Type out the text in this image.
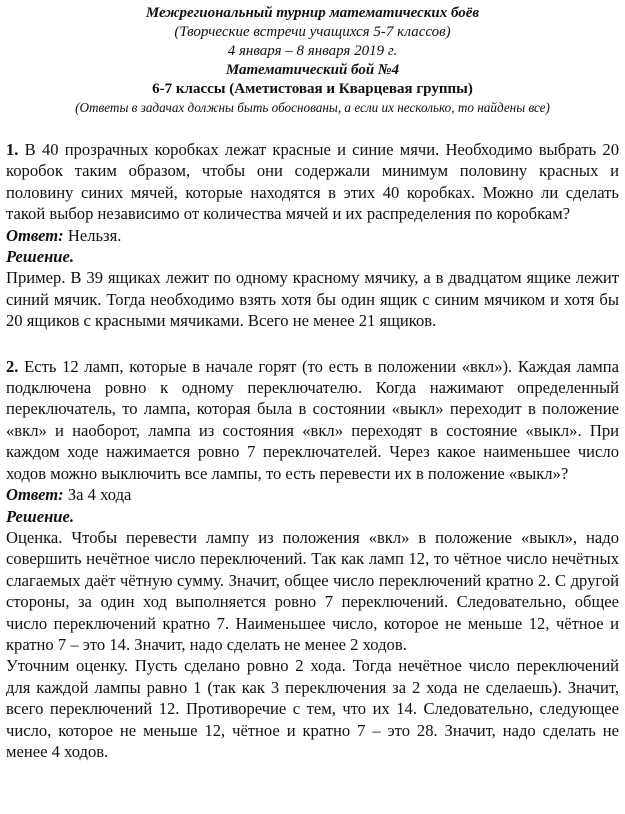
Межрегиональный турнир математических боёв
(Творческие встречи учащихся 5-7 классов)
4 января – 8 января 2019 г.
Математический бой №4
6-7 классы (Аметистовая и Кварцевая группы)
(Ответы в задачах должны быть обоснованы, а если их несколько, то найдены все)

1. В 40 прозрачных коробках лежат красные и синие мячи. Необходимо выбрать 20 коробок таким образом, чтобы они содержали минимум половину красных и половину синих мячей, которые находятся в этих 40 коробках. Можно ли сделать такой выбор независимо от количества мячей и их распределения по коробкам?

Ответ: Нельзя.

Решение.

Пример. В 39 ящиках лежит по одному красному мячику, а в двадцатом ящике лежит синий мячик. Тогда необходимо взять хотя бы один ящик с синим мячиком и хотя бы 20 ящиков с красными мячиками. Всего не менее 21 ящиков.

2. Есть 12 ламп, которые в начале горят (то есть в положении «вкл»). Каждая лампа подключена ровно к одному переключателю. Когда нажимают определенный переключатель, то лампа, которая была в состоянии «выкл» переходит в положение «вкл» и наоборот, лампа из состояния «вкл» переходят в состояние «выкл». При каждом ходе нажимается ровно 7 переключателей. Через какое наименьшее число ходов можно выключить все лампы, то есть перевести их в положение «выкл»?

Ответ: За 4 хода

Решение.

Оценка. Чтобы перевести лампу из положения «вкл» в положение «выкл», надо совершить нечётное число переключений. Так как ламп 12, то чётное число нечётных слагаемых даёт чётную сумму. Значит, общее число переключений кратно 2. С другой стороны, за один ход выполняется ровно 7 переключений. Следовательно, общее число переключений кратно 7. Наименьшее число, которое не меньше 12, чётное и кратно 7 – это 14. Значит, надо сделать не менее 2 ходов.

Уточним оценку. Пусть сделано ровно 2 хода. Тогда нечётное число переключений для каждой лампы равно 1 (так как 3 переключения за 2 хода не сделаешь). Значит, всего переключений 12. Противоречие с тем, что их 14. Следовательно, следующее число, которое не меньше 12, чётное и кратно 7 – это 28. Значит, надо сделать не менее 4 ходов.
